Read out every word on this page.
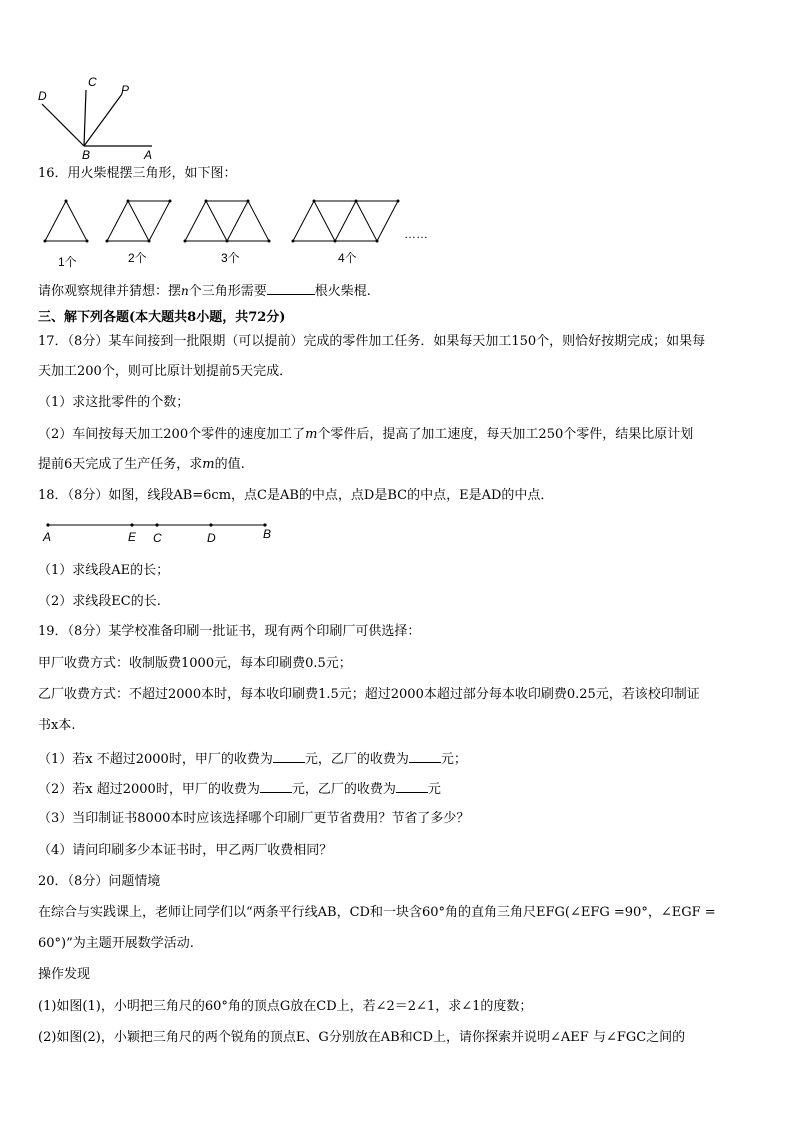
D
C
P
B	A
16．用火柴棍摆三角形，如下图：
1个	2个	3个	4个
……
请你观察规律并猜想：摆n个三角形需要	根火柴棍.
三、解下列各题(本大题共8小题，共72分)
17．（8分）某车间接到一批限期（可以提前）完成的零件加工任务．如果每天加工150个，则恰好按期完成；如果每
天加工200个，则可比原计划提前5天完成．
（1）求这批零件的个数；
（2）车间按每天加工200个零件的速度加工了m个零件后，提高了加工速度，每天加工250个零件，结果比原计划
提前6天完成了生产任务，求m的值.
18．（8分）如图，线段AB=6cm，点C是AB的中点，点D是BC的中点，E是AD的中点．
A	E C	D	B
（1）求线段AE的长；
（2）求线段EC的长.
19．（8分）某学校准备印刷一批证书，现有两个印刷厂可供选择：
甲厂收费方式：收制版费1000元，每本印刷费0.5元；
乙厂收费方式：不超过2000本时，每本收印刷费1.5元；超过2000本超过部分每本收印刷费0.25元，若该校印制证
书x本.
（1）若x 不超过2000时，甲厂的收费为 元，乙厂的收费为 元；
（2）若x 超过2000时，甲厂的收费为 元，乙厂的收费为 元
（3）当印制证书8000本时应该选择哪个印刷厂更节省费用？节省了多少？
（4）请问印刷多少本证书时，甲乙两厂收费相同？
20．（8分）问题情境
在综合与实践课上，老师让同学们以“两条平行线AB，CD和一块含60°角的直角三角尺EFG(∠EFG =90°，∠EGF =
60°)”为主题开展数学活动.
操作发现
(1)如图(1)，小明把三角尺的60°角的顶点G放在CD上，若∠2＝2∠1，求∠1的度数；
(2)如图(2)，小颖把三角尺的两个锐角的顶点E、G分别放在AB和CD上，请你探索并说明∠AEF 与∠FGC之间的
